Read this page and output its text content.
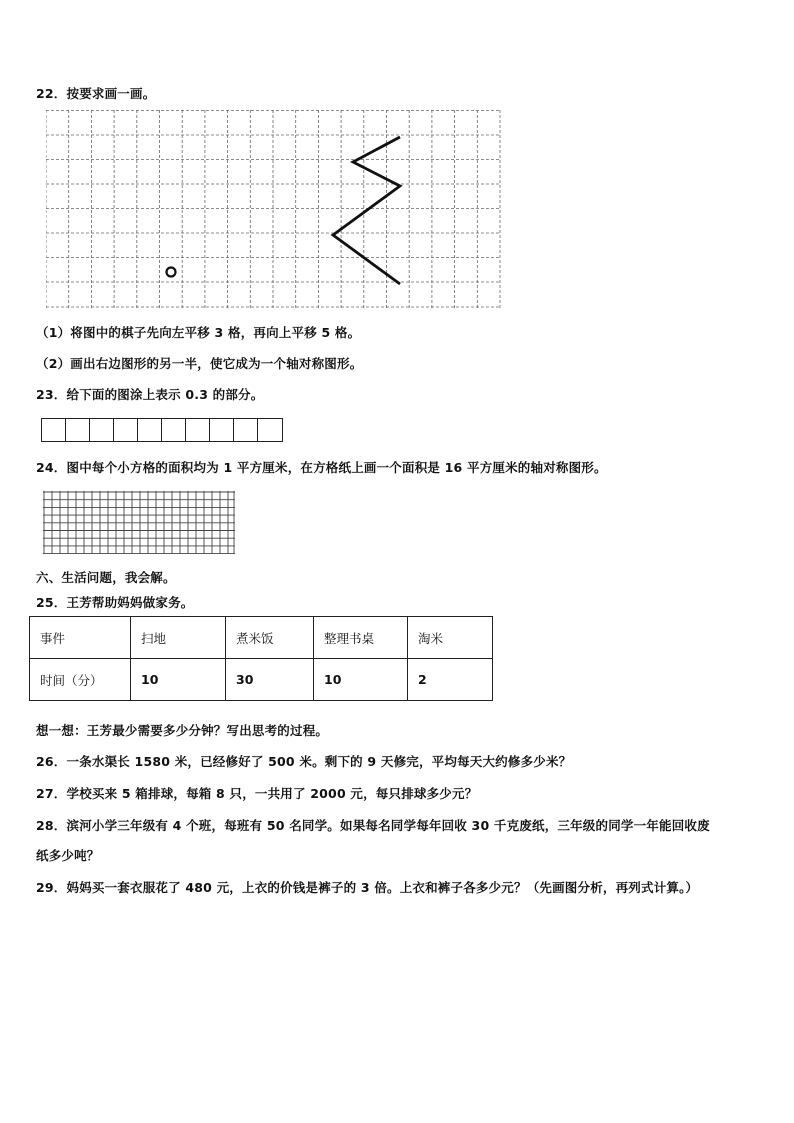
22．按要求画一画。
（1）将图中的棋子先向左平移 3 格，再向上平移 5 格。
（2）画出右边图形的另一半，使它成为一个轴对称图形。
23．给下面的图涂上表示 0.3 的部分。
24．图中每个小方格的面积均为 1 平方厘米，在方格纸上画一个面积是 16 平方厘米的轴对称图形。
六、生活问题，我会解。
25．王芳帮助妈妈做家务。
事件	扫地	煮米饭	整理书桌	淘米
时间（分）	10	30	10	2
想一想：王芳最少需要多少分钟？写出思考的过程。
26．一条水渠长 1580 米，已经修好了 500 米。剩下的 9 天修完，平均每天大约修多少米？
27．学校买来 5 箱排球，每箱 8 只，一共用了 2000 元，每只排球多少元？
28．滨河小学三年级有 4 个班，每班有 50 名同学。如果每名同学每年回收 30 千克废纸，三年级的同学一年能回收废
纸多少吨？
29．妈妈买一套衣服花了 480 元，上衣的价钱是裤子的 3 倍。上衣和裤子各多少元？（先画图分析，再列式计算。）
